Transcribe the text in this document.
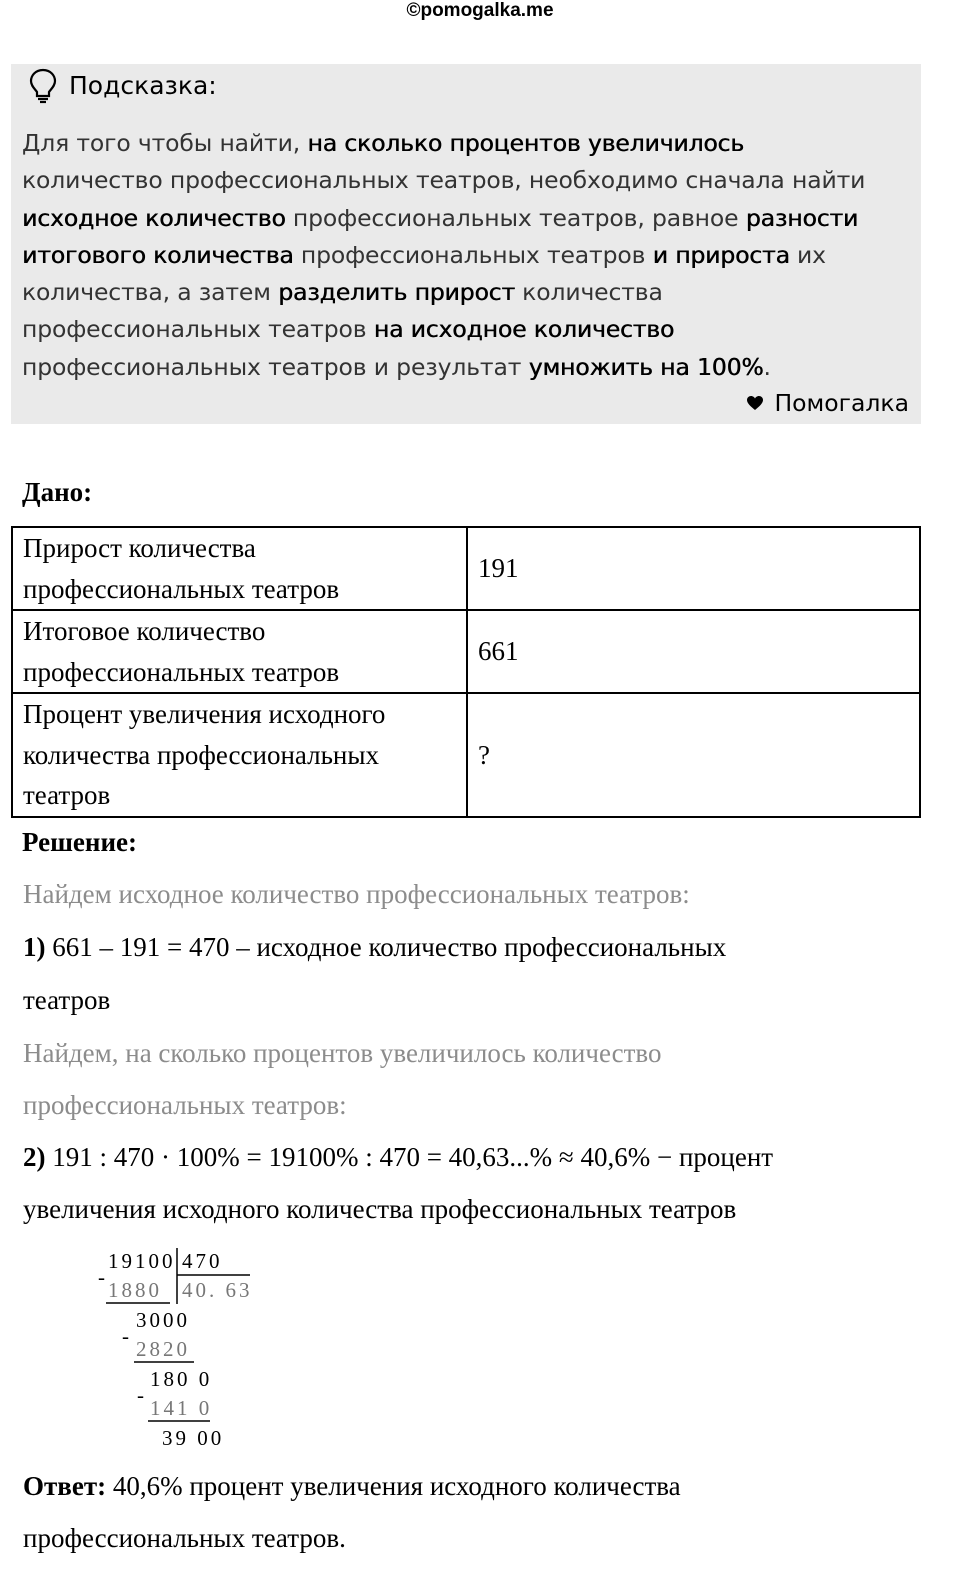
©pomogalka.me
Подсказка:
Для того чтобы найти, на сколько процентов увеличилось
количество профессиональных театров, необходимо сначала найти
исходное количество профессиональных театров, равное разности
итогового количества профессиональных театров и прироста их
количества, а затем разделить прирост количества
профессиональных театров на исходное количество
профессиональных театров и результат умножить на 100%.
Помогалка
Дано:
Прирост количества
профессиональных театров	191

Итоговое количество
профессиональных театров	661

Процент увеличения исходного
количества профессиональных
театров	?
Решение:
Найдем исходное количество профессиональных театров:
1) 661 – 191 = 470 – исходное количество профессиональных
театров
Найдем, на сколько процентов увеличилось количество
профессиональных театров:
2) 191 : 470 · 100% = 19100% : 470 = 40,63...% ≈ 40,6% − процент
увеличения исходного количества профессиональных театров
19100 470
40. 63
-
1880
3000
-
2820
180 0
-
141 0
39 00
Ответ: 40,6% процент увеличения исходного количества
профессиональных театров.
